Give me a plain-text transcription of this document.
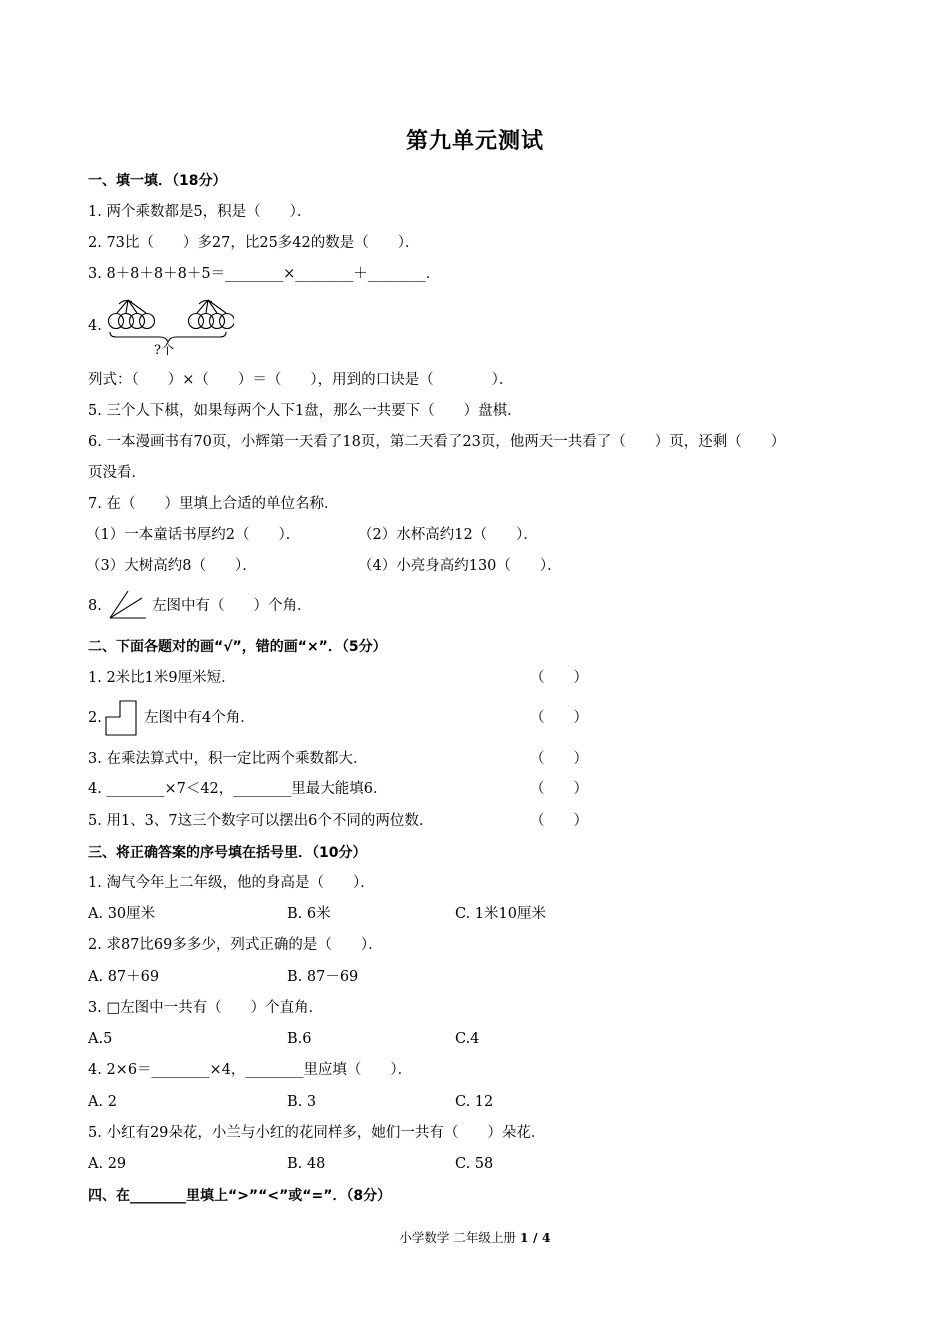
第九单元测试
一、填一填．（18分）
1. 两个乘数都是5，积是（　　）．
2. 73比（　　）多27，比25多42的数是（　　）．
3. 8＋8＋8＋8＋5＝________×________＋________．
4.
?个
列式：（　　）×（　　）＝（　　），用到的口诀是（　　　　）．
5. 三个人下棋，如果每两个人下1盘，那么一共要下（　　）盘棋．
6. 一本漫画书有70页，小辉第一天看了18页，第二天看了23页，他两天一共看了（　　）页，还剩（　　）
页没看．
7. 在（　　）里填上合适的单位名称．
（1）一本童话书厚约2（　　）．	（2）水杯高约12（　　）．
（3）大树高约8（　　）．	（4）小亮身高约130（　　）．
8.	左图中有（　　）个角．
二、下面各题对的画“√”，错的画“×”．（5分）
1. 2米比1米9厘米短．	（　　）
2.	左图中有4个角．	（　　）
3. 在乘法算式中，积一定比两个乘数都大．	（　　）
4. ________×7＜42，________里最大能填6．	（　　）
5. 用1、3、7这三个数字可以摆出6个不同的两位数．	（　　）
三、将正确答案的序号填在括号里．（10分）
1. 淘气今年上二年级，他的身高是（　　）．
A. 30厘米	B. 6米	C. 1米10厘米
2. 求87比69多多少，列式正确的是（　　）．
A. 87＋69	B. 87－69
3. □左图中一共有（　　）个直角．
A.5	B.6	C.4
4. 2×6＝________×4，________里应填（　　）．
A. 2	B. 3	C. 12
5. 小红有29朵花，小兰与小红的花同样多，她们一共有（　　）朵花．
A. 29	B. 48	C. 58
四、在________里填上“>”“<”或“=”．（8分）
小学数学 二年级上册 1 / 4
